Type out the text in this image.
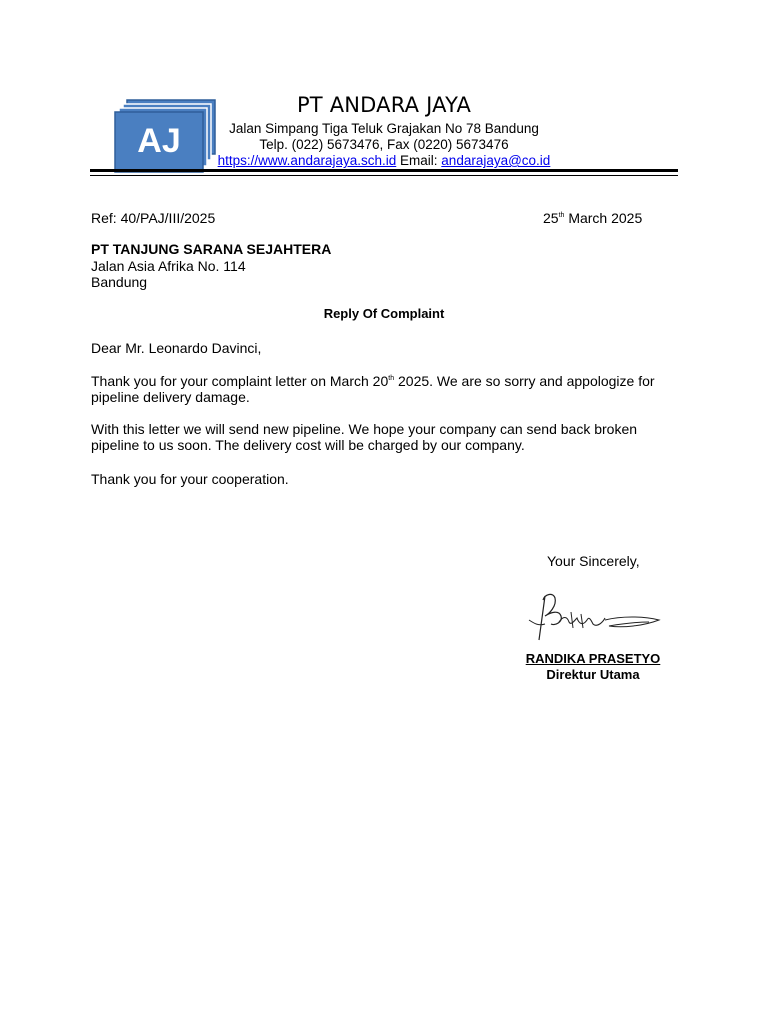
AJ
PT ANDARA JAYA
Jalan Simpang Tiga Teluk Grajakan No 78 Bandung
Telp. (022) 5673476, Fax (0220) 5673476
https://www.andarajaya.sch.id Email: andarajaya@co.id
Ref: 40/PAJ/III/2025	25th March 2025
PT TANJUNG SARANA SEJAHTERA
Jalan Asia Afrika No. 114
Bandung
Reply Of Complaint
Dear Mr. Leonardo Davinci,
Thank you for your complaint letter on March 20th 2025. We are so sorry and appologize for pipeline delivery damage.
With this letter we will send new pipeline. We hope your company can send back broken pipeline to us soon. The delivery cost will be charged by our company.
Thank you for your cooperation.
Your Sincerely,
RANDIKA PRASETYO
Direktur Utama
